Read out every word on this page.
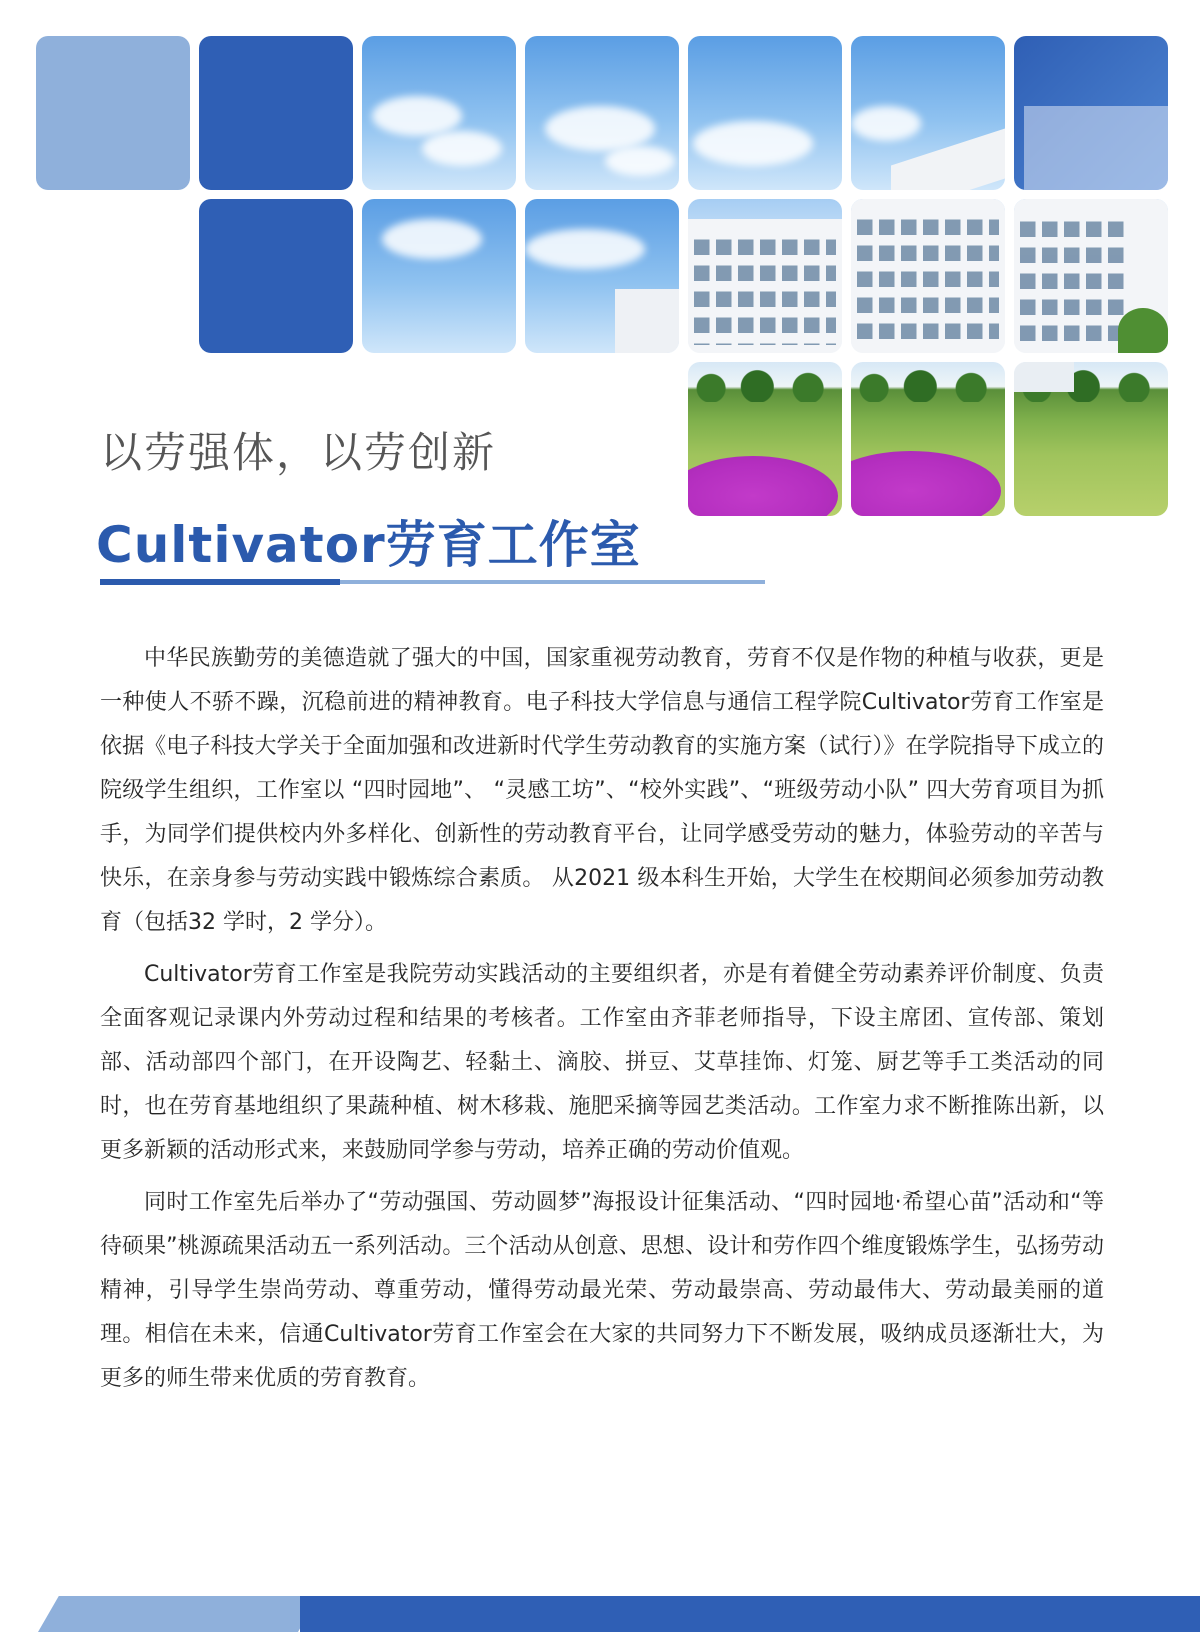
以劳强体，以劳创新
Cultivator劳育工作室

中华民族勤劳的美德造就了强大的中国，国家重视劳动教育，劳育不仅是作物的种植与收获，更是一种使人不骄不躁，沉稳前进的精神教育。电子科技大学信息与通信工程学院Cultivator劳育工作室是依据《电子科技大学关于全面加强和改进新时代学生劳动教育的实施方案（试行）》在学院指导下成立的院级学生组织，工作室以 “四时园地”、 “灵感工坊”、“校外实践”、“班级劳动小队” 四大劳育项目为抓手，为同学们提供校内外多样化、创新性的劳动教育平台，让同学感受劳动的魅力，体验劳动的辛苦与快乐，在亲身参与劳动实践中锻炼综合素质。 从2021 级本科生开始，大学生在校期间必须参加劳动教育（包括32 学时，2 学分）。

Cultivator劳育工作室是我院劳动实践活动的主要组织者，亦是有着健全劳动素养评价制度、负责全面客观记录课内外劳动过程和结果的考核者。工作室由齐菲老师指导，下设主席团、宣传部、策划部、活动部四个部门，在开设陶艺、轻黏土、滴胶、拼豆、艾草挂饰、灯笼、厨艺等手工类活动的同时，也在劳育基地组织了果蔬种植、树木移栽、施肥采摘等园艺类活动。工作室力求不断推陈出新，以更多新颖的活动形式来，来鼓励同学参与劳动，培养正确的劳动价值观。

同时工作室先后举办了“劳动强国、劳动圆梦”海报设计征集活动、“四时园地·希望心苗”活动和“等待硕果”桃源疏果活动五一系列活动。三个活动从创意、思想、设计和劳作四个维度锻炼学生，弘扬劳动精神，引导学生崇尚劳动、尊重劳动，懂得劳动最光荣、劳动最崇高、劳动最伟大、劳动最美丽的道理。相信在未来，信通Cultivator劳育工作室会在大家的共同努力下不断发展，吸纳成员逐渐壮大，为更多的师生带来优质的劳育教育。
